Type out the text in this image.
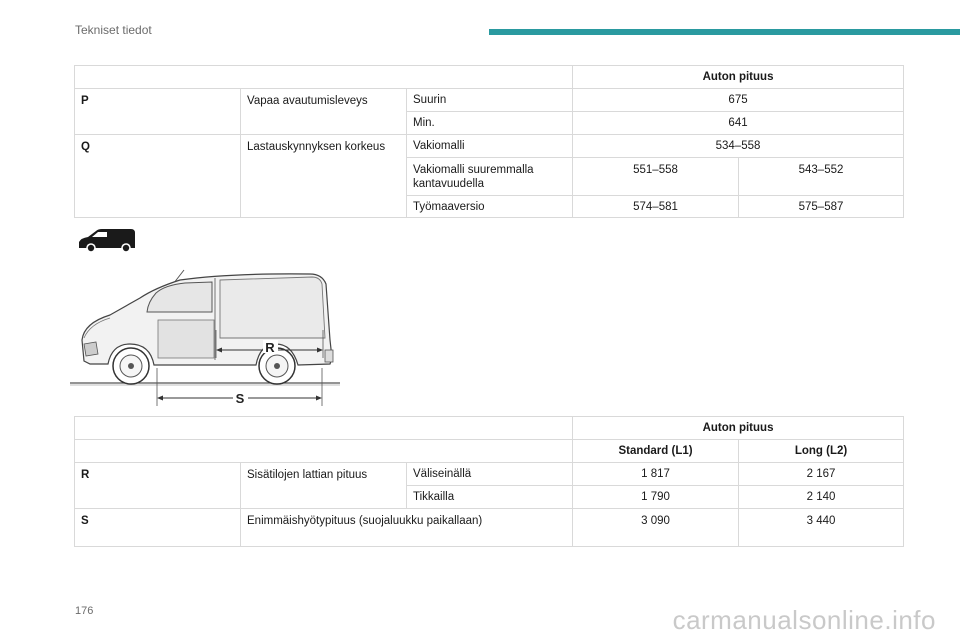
Tekniset tiedot
			Auton pituus	
P	Vapaa avautumisleveys	Suurin	675	
		Min.	641	
Q	Lastauskynnyksen korkeus	Vakiomalli	534–558	
		Vakiomalli suuremmalla kantavuudella	551–558	543–552
		Työmaaversio	574–581	575–587
R
S
			Auton pituus	
			Standard (L1)	Long (L2)
R	Sisätilojen lattian pituus	Väliseinällä	1 817	2 167
		Tikkailla	1 790	2 140
S	Enimmäishyötypituus (suojaluukku paikallaan)		3 090	3 440
176	carmanualsonline.info
